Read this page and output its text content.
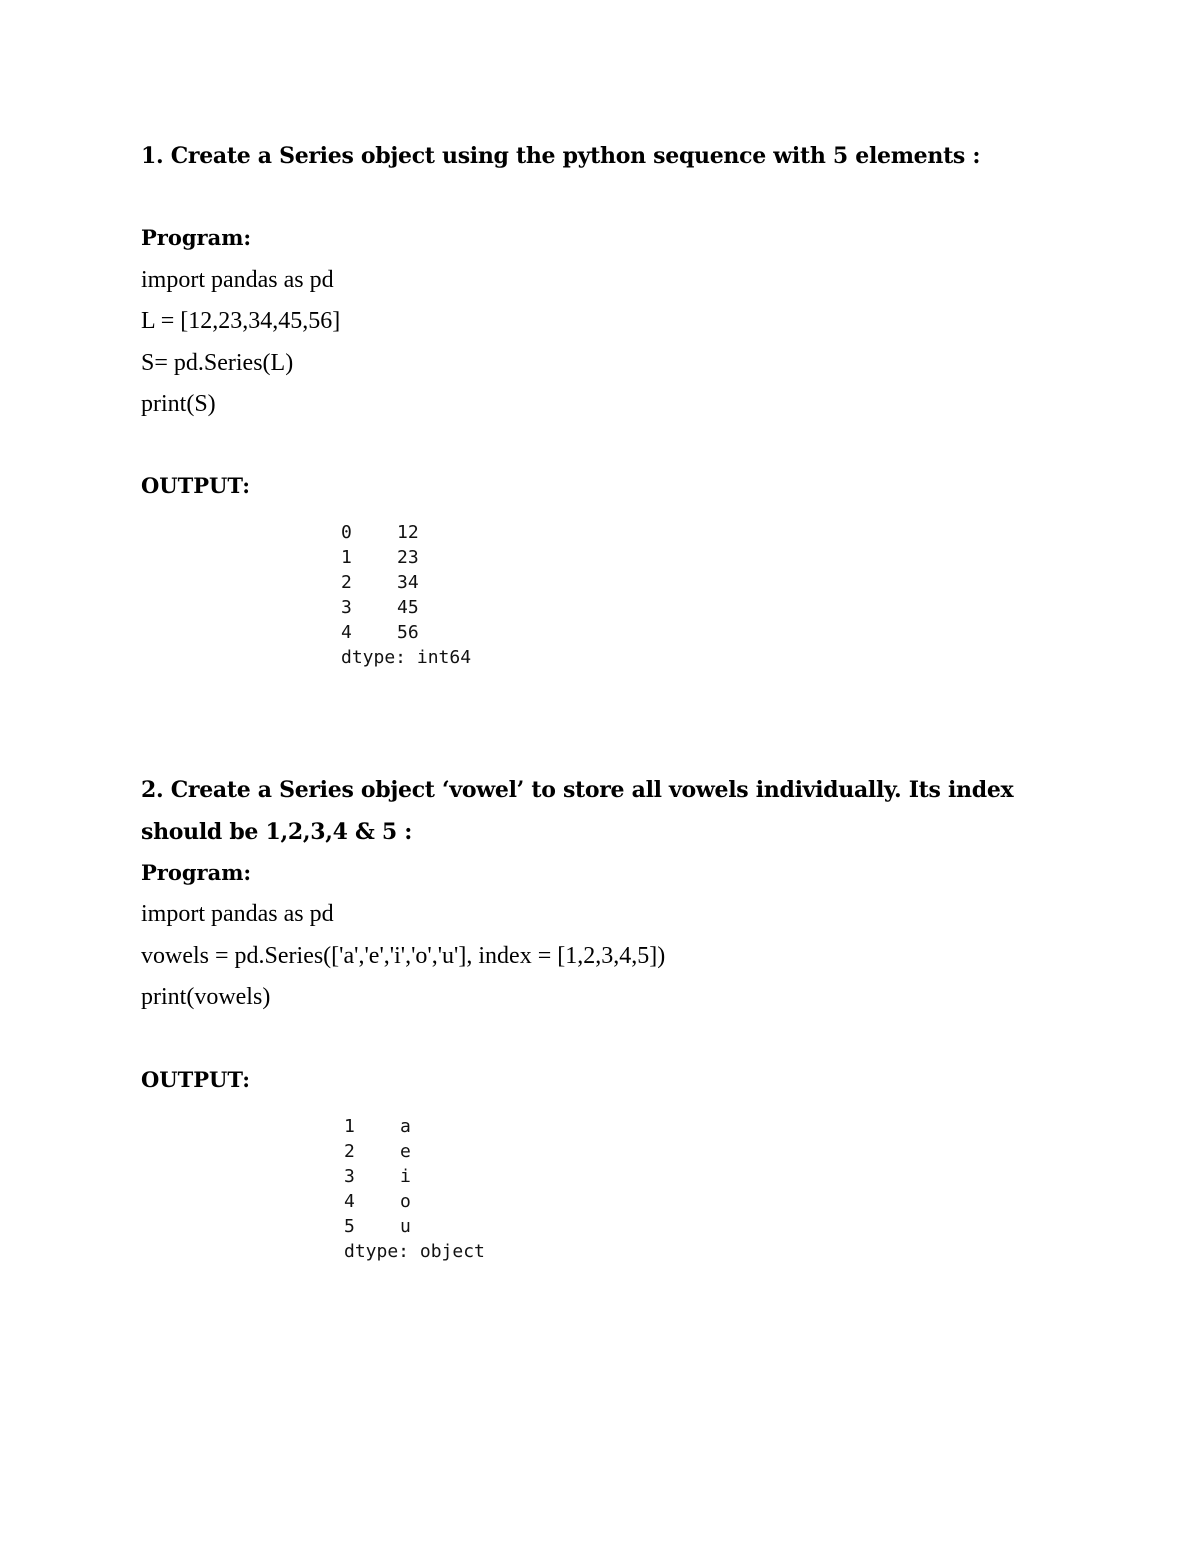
1. Create a Series object using the python sequence with 5 elements :
Program:
import pandas as pd
L = [12,23,34,45,56]
S= pd.Series(L)
print(S)
OUTPUT:
0	12
1	23
2	34
3	45
4	56
dtype: int64
2. Create a Series object ‘vowel’ to store all vowels individually. Its index
should be 1,2,3,4 & 5 :
Program:
import pandas as pd
vowels = pd.Series(['a','e','i','o','u'], index = [1,2,3,4,5])
print(vowels)
OUTPUT:
1	a
2	e
3	i
4	o
5	u
dtype: object
